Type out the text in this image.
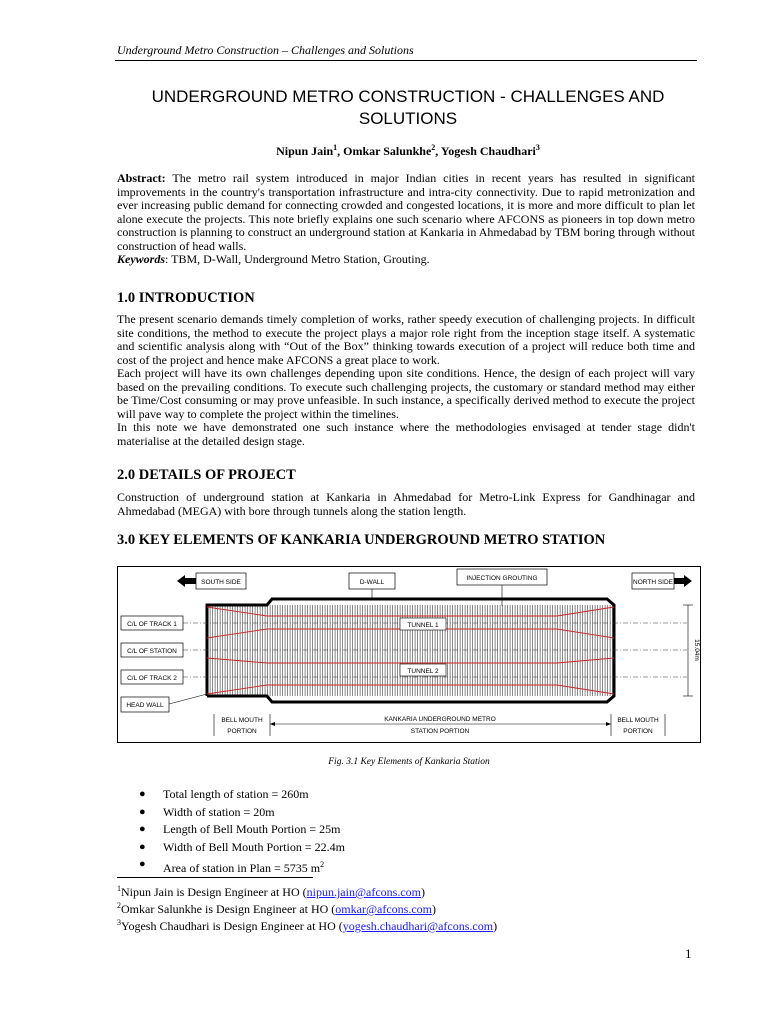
Underground Metro Construction – Challenges and Solutions
UNDERGROUND METRO CONSTRUCTION - CHALLENGES AND
SOLUTIONS
Nipun Jain$^1$, Omkar Salunkhe$^2$, Yogesh Chaudhari$^3$

Abstract: The metro rail system introduced in major Indian cities in recent years has resulted in significant improvements in the country's transportation infrastructure and intra-city connectivity. Due to rapid metronization and ever increasing public demand for connecting crowded and congested locations, it is more and more difficult to plan let alone execute the projects. This note briefly explains one such scenario where AFCONS as pioneers in top down metro construction is planning to construct an underground station at Kankaria in Ahmedabad by TBM boring through without construction of head walls.
Keywords: TBM, D-Wall, Underground Metro Station, Grouting.

1.0 INTRODUCTION

The present scenario demands timely completion of works, rather speedy execution of challenging projects. In difficult site conditions, the method to execute the project plays a major role right from the inception stage itself. A systematic and scientific analysis along with “Out of the Box” thinking towards execution of a project will reduce both time and cost of the project and hence make AFCONS a great place to work.
Each project will have its own challenges depending upon site conditions. Hence, the design of each project will vary based on the prevailing conditions. To execute such challenging projects, the customary or standard method may either be Time/Cost consuming or may prove unfeasible. In such instance, a specifically derived method to execute the project will pave way to complete the project within the timelines.
In this note we have demonstrated one such instance where the methodologies envisaged at tender stage didn't materialise at the detailed design stage.

2.0 DETAILS OF PROJECT

Construction of underground station at Kankaria in Ahmedabad for Metro-Link Express for Gandhinagar and Ahmedabad (MEGA) with bore through tunnels along the station length.

3.0 KEY ELEMENTS OF KANKARIA UNDERGROUND METRO STATION
TUNNEL 1
TUNNEL 2
SOUTH SIDE	NORTH SIDE
D-WALL
INJECTION GROUTING
C/L OF TRACK 1
C/L OF STATION
C/L OF TRACK 2
HEAD WALL
15.04m
BELL MOUTH
PORTION
KANKARIA UNDERGROUND METRO
STATION PORTION
BELL MOUTH
PORTION
Fig. 3.1 Key Elements of Kankaria Station
● Total length of station = 260m
● Width of station = 20m
● Length of Bell Mouth Portion = 25m
● Width of Bell Mouth Portion = 22.4m
● Area of station in Plan = 5735 $m^2$
$^1$Nipun Jain is Design Engineer at HO (nipun.jain@afcons.com)
$^2$Omkar Salunkhe is Design Engineer at HO (omkar@afcons.com)
$^3$Yogesh Chaudhari is Design Engineer at HO (yogesh.chaudhari@afcons.com)
1
